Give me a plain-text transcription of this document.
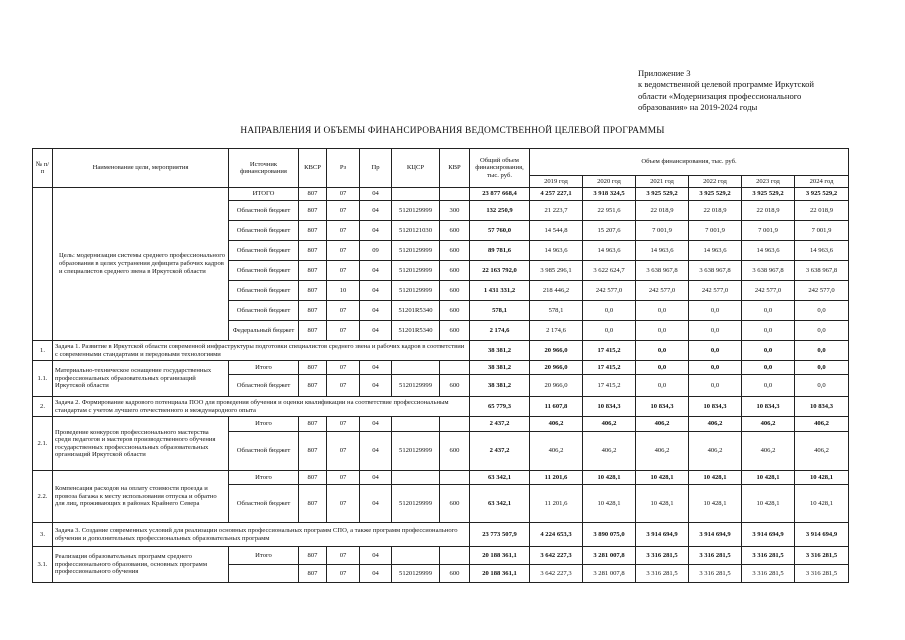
Приложение 3
к ведомственной целевой программе Иркутской
области «Модернизация профессионального
образования» на 2019-2024 годы
НАПРАВЛЕНИЯ И ОБЪЕМЫ ФИНАНСИРОВАНИЯ ВЕДОМСТВЕННОЙ ЦЕЛЕВОЙ ПРОГРАММЫ
№ п/п	Наименование цели, мероприятия	Источник финансирования	КВСР	Рз	Пр	КЦСР	КВР	Общий объем финансирования, тыс. руб.	Объем финансирования, тыс. руб.					
									2019 год	2020 год	2021 год	2022 год	2023 год	2024 год
	Цель: модернизация системы среднего профессионального образования в целях устранения дефицита рабочих кадров и специалистов среднего звена в Иркутской области	ИТОГО	807	07	04			23 877 668,4	4 257 227,1	3 918 324,5	3 925 529,2	3 925 529,2	3 925 529,2	3 925 529,2
		Областной бюджет	807	07	04	5120129999	300	132 250,9	21 223,7	22 951,6	22 018,9	22 018,9	22 018,9	22 018,9
		Областной бюджет	807	07	04	5120121030	600	57 760,0	14 544,8	15 207,6	7 001,9	7 001,9	7 001,9	7 001,9
		Областной бюджет	807	07	09	5120129999	600	89 781,6	14 963,6	14 963,6	14 963,6	14 963,6	14 963,6	14 963,6
		Областной бюджет	807	07	04	5120129999	600	22 163 792,0	3 985 296,1	3 622 624,7	3 638 967,8	3 638 967,8	3 638 967,8	3 638 967,8
		Областной бюджет	807	10	04	5120129999	600	1 431 331,2	218 446,2	242 577,0	242 577,0	242 577,0	242 577,0	242 577,0
		Областной бюджет	807	07	04	51201R5340	600	578,1	578,1	0,0	0,0	0,0	0,0	0,0
		Федеральный бюджет	807	07	04	51201R5340	600	2 174,6	2 174,6	0,0	0,0	0,0	0,0	0,0
1.	Задача 1. Развитие в Иркутской области современной инфраструктуры подготовки специалистов среднего звена и рабочих кадров в соответствии с современными стандартами и передовыми технологиями							38 381,2	20 966,0	17 415,2	0,0	0,0	0,0	0,0
1.1.	Материально-техническое оснащение государственных профессиональных образовательных организаций Иркутской области	Итого	807	07	04			38 381,2	20 966,0	17 415,2	0,0	0,0	0,0	0,0
		Областной бюджет	807	07	04	5120129999	600	38 381,2	20 966,0	17 415,2	0,0	0,0	0,0	0,0
2.	Задача 2. Формирование кадрового потенциала ПОО для проведения обучения и оценки квалификации на соответствие профессиональным стандартам с учетом лучшего отечественного и международного опыта							65 779,3	11 607,8	10 834,3	10 834,3	10 834,3	10 834,3	10 834,3
2.1.	Проведение конкурсов профессионального мастерства среди педагогов и мастеров производственного обучения государственных профессиональных образовательных организаций Иркутской области	Итого	807	07	04			2 437,2	406,2	406,2	406,2	406,2	406,2	406,2
		Областной бюджет	807	07	04	5120129999	600	2 437,2	406,2	406,2	406,2	406,2	406,2	406,2
2.2.	Компенсация расходов на оплату стоимости проезда и провоза багажа к месту использования отпуска и обратно для лиц, проживающих в районах Крайнего Севера	Итого	807	07	04			63 342,1	11 201,6	10 428,1	10 428,1	10 428,1	10 428,1	10 428,1
		Областной бюджет	807	07	04	5120129999	600	63 342,1	11 201,6	10 428,1	10 428,1	10 428,1	10 428,1	10 428,1
3.	Задача 3. Создание современных условий для реализации основных профессиональных программ СПО, а также программ профессионального обучения и дополнительных профессиональных образовательных программ							23 773 507,9	4 224 653,3	3 890 075,0	3 914 694,9	3 914 694,9	3 914 694,9	3 914 694,9
3.1.	Реализация образовательных программ среднего профессионального образования, основных программ профессионального обучения	Итого	807	07	04			20 188 361,1	3 642 227,3	3 281 007,8	3 316 281,5	3 316 281,5	3 316 281,5	3 316 281,5
			807	07	04	5120129999	600	20 188 361,1	3 642 227,3	3 281 007,8	3 316 281,5	3 316 281,5	3 316 281,5	3 316 281,5
